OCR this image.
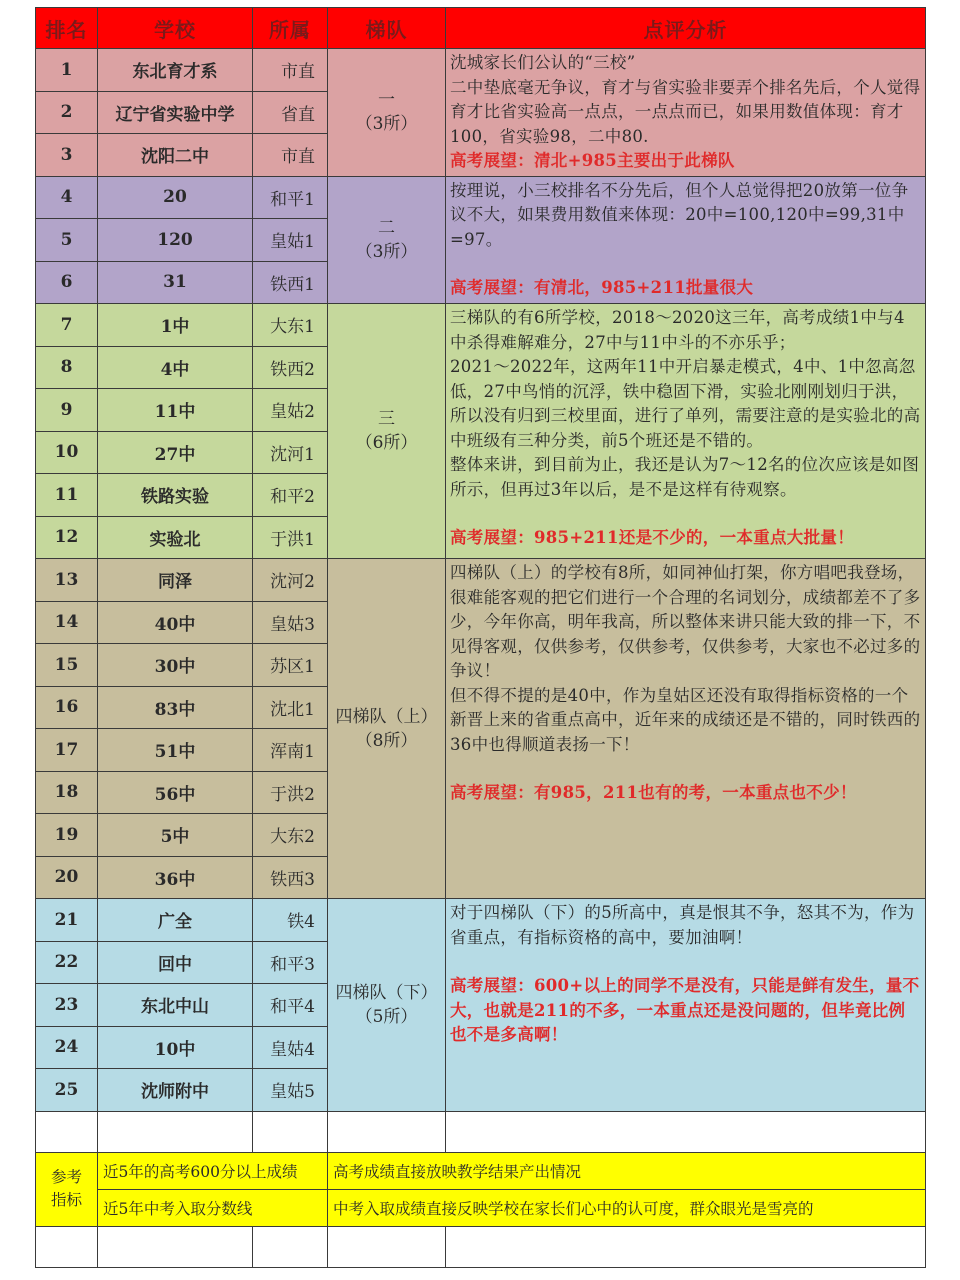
排名	学校	所属	梯队	点评分析
1	东北育才系	市直	一
（3所）	沈城家长们公认的“三校”
二中垫底毫无争议，育才与省实验非要弄个排名先后，个人觉得育才比省实验高一点点，一点点而已，如果用数值体现：育才100，省实验98，二中80.
高考展望：清北+985主要出于此梯队

2	辽宁省实验中学	省直		
3	沈阳二中	市直		
4	20	和平1	二
（3所）	按理说，小三校排名不分先后，但个人总觉得把20放第一位争议不大，如果费用数值来体现：20中=100,120中=99,31中=97。
高考展望：有清北，985+211批量很大

5	120	皇姑1		
6	31	铁西1		
7	1中	大东1	三
（6所）	三梯队的有6所学校，2018～2020这三年，高考成绩1中与4中杀得难解难分，27中与11中斗的不亦乐乎；
2021～2022年，这两年11中开启暴走模式，4中、1中忽高忽低，27中鸟悄的沉浮，铁中稳固下滑，实验北刚刚划归于洪，所以没有归到三校里面，进行了单列，需要注意的是实验北的高中班级有三种分类，前5个班还是不错的。
整体来讲，到目前为止，我还是认为7～12名的位次应该是如图所示，但再过3年以后，是不是这样有待观察。
高考展望：985+211还是不少的，一本重点大批量！

8	4中	铁西2		
9	11中	皇姑2		
10	27中	沈河1		
11	铁路实验	和平2		
12	实验北	于洪1		
13	同泽	沈河2	四梯队（上）
（8所）	四梯队（上）的学校有8所，如同神仙打架，你方唱吧我登场，很难能客观的把它们进行一个合理的名词划分，成绩都差不了多少，今年你高，明年我高，所以整体来讲只能大致的排一下，不见得客观，仅供参考，仅供参考，仅供参考，大家也不必过多的争议！
但不得不提的是40中，作为皇姑区还没有取得指标资格的一个新晋上来的省重点高中，近年来的成绩还是不错的，同时铁西的36中也得顺道表扬一下！
高考展望：有985，211也有的考，一本重点也不少！

14	40中	皇姑3		
15	30中	苏区1		
16	83中	沈北1		
17	51中	浑南1		
18	56中	于洪2		
19	5中	大东2		
20	36中	铁西3		
21	广全	铁4	四梯队（下）
（5所）	对于四梯队（下）的5所高中，真是恨其不争，怒其不为，作为省重点，有指标资格的高中，要加油啊！
高考展望：600+以上的同学不是没有，只能是鲜有发生，量不大，也就是211的不多，一本重点还是没问题的，但毕竟比例也不是多高啊！

22	回中	和平3		
23	东北中山	和平4		
24	10中	皇姑4		
25	沈师附中	皇姑5		

参考指标	近5年的高考600分以上成绩		高考成绩直接放映教学结果产出情况	
	近5年中考入取分数线		中考入取成绩直接反映学校在家长们心中的认可度，群众眼光是雪亮的	
